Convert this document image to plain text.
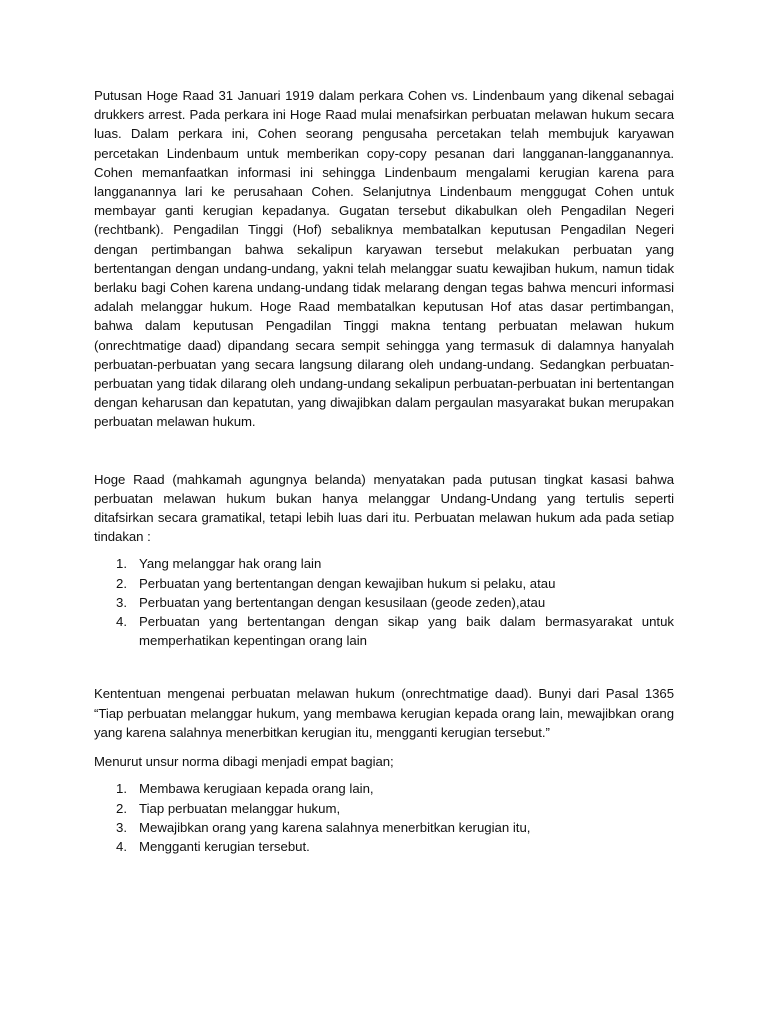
Putusan Hoge Raad 31 Januari 1919 dalam perkara Cohen vs. Lindenbaum yang dikenal sebagai drukkers arrest. Pada perkara ini Hoge Raad mulai menafsirkan perbuatan melawan hukum secara luas. Dalam perkara ini, Cohen seorang pengusaha percetakan telah membujuk karyawan percetakan Lindenbaum untuk memberikan copy-copy pesanan dari langganan-langganannya. Cohen memanfaatkan informasi ini sehingga Lindenbaum mengalami kerugian karena para langganannya lari ke perusahaan Cohen. Selanjutnya Lindenbaum menggugat Cohen untuk membayar ganti kerugian kepadanya. Gugatan tersebut dikabulkan oleh Pengadilan Negeri (rechtbank). Pengadilan Tinggi (Hof) sebaliknya membatalkan keputusan Pengadilan Negeri dengan pertimbangan bahwa sekalipun karyawan tersebut melakukan perbuatan yang bertentangan dengan undang-undang, yakni telah melanggar suatu kewajiban hukum, namun tidak berlaku bagi Cohen karena undang-undang tidak melarang dengan tegas bahwa mencuri informasi adalah melanggar hukum. Hoge Raad membatalkan keputusan Hof atas dasar pertimbangan, bahwa dalam keputusan Pengadilan Tinggi makna tentang perbuatan melawan hukum (onrechtmatige daad) dipandang secara sempit sehingga yang termasuk di dalamnya hanyalah perbuatan-perbuatan yang secara langsung dilarang oleh undang-undang. Sedangkan perbuatan-perbuatan yang tidak dilarang oleh undang-undang sekalipun perbuatan-perbuatan ini bertentangan dengan keharusan dan kepatutan, yang diwajibkan dalam pergaulan masyarakat bukan merupakan perbuatan melawan hukum.

Hoge Raad (mahkamah agungnya belanda) menyatakan pada putusan tingkat kasasi bahwa perbuatan melawan hukum bukan hanya melanggar Undang-Undang yang tertulis seperti ditafsirkan secara gramatikal, tetapi lebih luas dari itu. Perbuatan melawan hukum ada pada setiap tindakan :

1. Yang melanggar hak orang lain
2. Perbuatan yang bertentangan dengan kewajiban hukum si pelaku, atau
3. Perbuatan yang bertentangan dengan kesusilaan (geode zeden),atau
4. Perbuatan yang bertentangan dengan sikap yang baik dalam bermasyarakat untuk memperhatikan kepentingan orang lain

Kententuan mengenai perbuatan melawan hukum (onrechtmatige daad). Bunyi dari Pasal 1365 “Tiap perbuatan melanggar hukum, yang membawa kerugian kepada orang lain, mewajibkan orang yang karena salahnya menerbitkan kerugian itu, mengganti kerugian tersebut.”

Menurut unsur norma dibagi menjadi empat bagian;

1. Membawa kerugiaan kepada orang lain,
2. Tiap perbuatan melanggar hukum,
3. Mewajibkan orang yang karena salahnya menerbitkan kerugian itu,
4. Mengganti kerugian tersebut.
